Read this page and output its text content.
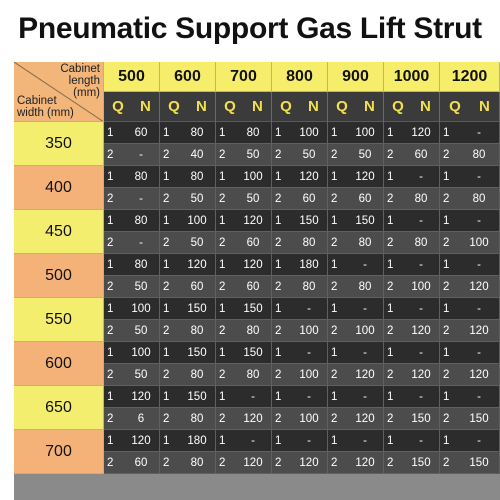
Pneumatic Support Gas Lift Strut
Cabinet
length
(mm)
Cabinet
width (mm)
500
Q N
600
Q N
700
Q N
800
Q N
900
Q N
1000
Q N
1200
Q N
350
1	60	1	80	1	80	1	100	1	100	1	120	1	-
2	-	2	40	2	50	2	50	2	50	2	60	2	80
400
1	80	1	80	1	100	1	120	1	120	1	-	1	-
2	-	2	50	2	50	2	60	2	60	2	80	2	80
450
1	80	1	100	1	120	1	150	1	150	1	-	1	-
2	-	2	50	2	60	2	80	2	80	2	80	2	100
500
1	80	1	120	1	120	1	180	1	-	1	-	1	-
2	50	2	60	2	60	2	80	2	80	2	100	2	120
550
1	100	1	150	1	150	1	-	1	-	1	-	1	-
2	50	2	80	2	80	2	100	2	100	2	120	2	120
600
1	100	1	150	1	150	1	-	1	-	1	-	1	-
2	50	2	80	2	80	2	100	2	120	2	120	2	120
650
1	120	1	150	1	-	1	-	1	-	1	-	1	-
2	6	2	80	2	120	2	100	2	120	2	150	2	150
700
1	120	1	180	1	-	1	-	1	-	1	-	1	-
2	60	2	80	2	120	2	120	2	120	2	150	2	150
